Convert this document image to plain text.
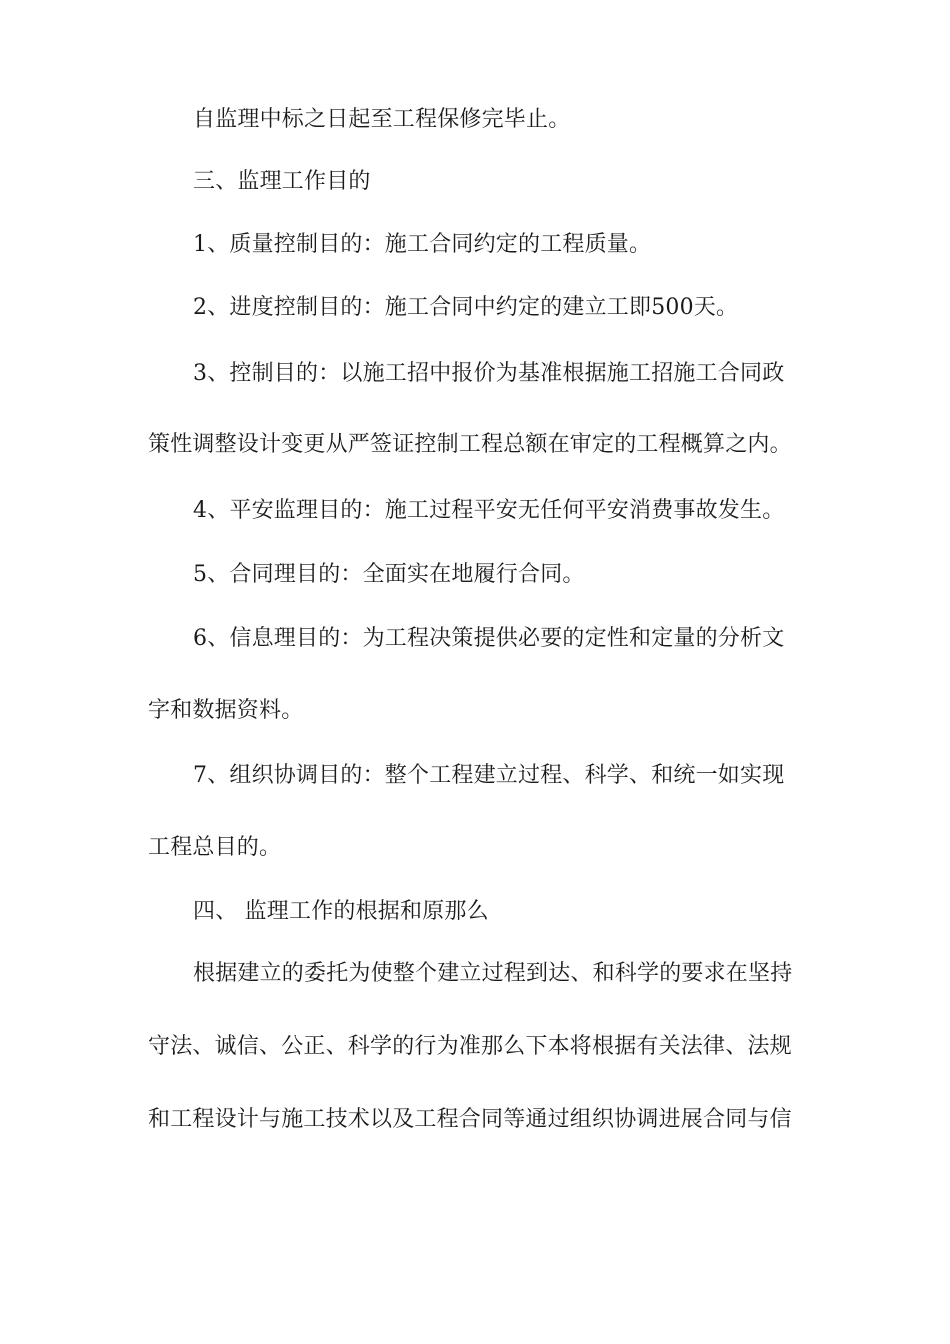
自监理中标之日起至工程保修完毕止。
三、监理工作目的
1、质量控制目的：施工合同约定的工程质量。
2、进度控制目的：施工合同中约定的建立工即500天。
3、控制目的：以施工招中报价为基准根据施工招施工合同政
策性调整设计变更从严签证控制工程总额在审定的工程概算之内。
4、平安监理目的：施工过程平安无任何平安消费事故发生。
5、合同理目的：全面实在地履行合同。
6、信息理目的：为工程决策提供必要的定性和定量的分析文
字和数据资料。
7、组织协调目的：整个工程建立过程、科学、和统一如实现
工程总目的。
四、 监理工作的根据和原那么
根据建立的委托为使整个建立过程到达、和科学的要求在坚持
守法、诚信、公正、科学的行为准那么下本将根据有关法律、法规
和工程设计与施工技术以及工程合同等通过组织协调进展合同与信
